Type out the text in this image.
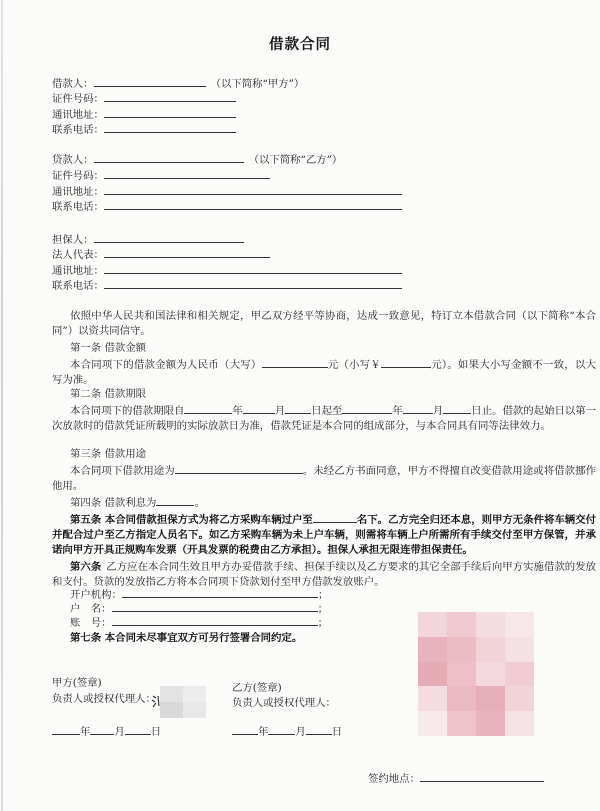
借款合同
借款人：	（以下简称“甲方”）
证件号码：
通讯地址：
联系电话：
贷款人：	（以下简称“乙方”）
证件号码：
通讯地址：
联系电话：
担保人：
法人代表：
通讯地址：
联系电话：
依照中华人民共和国法律和相关规定，甲乙双方经平等协商，达成一致意见，特订立本借款合同（以下简称“本合同”）以资共同信守。
第一条 借款金额
本合同项下的借款金额为人民币（大写）	元（小写￥	元）。如果大小写金额不一致，以大写为准。
第二条 借款期限
本合同项下的借款期限自	年	月	日起至	年	月	日止。借款的起始日以第一次放款时的借款凭证所载明的实际放款日为准，借款凭证是本合同的组成部分，与本合同具有同等法律效力。
第三条 借款用途
本合同项下借款用途为	。未经乙方书面同意，甲方不得擅自改变借款用途或将借款挪作他用。
第四条 借款利息为	。
第五条 本合同借款担保方式为将乙方采购车辆过户至	名下。乙方完全归还本息，则甲方无条件将车辆交付并配合过户至乙方指定人员名下。如乙方采购车辆为未上户车辆，则需将车辆上户所需所有手续交付至甲方保管，并承诺向甲方开具正规购车发票（开具发票的税费由乙方承担）。担保人承担无限连带担保责任。
第六条 乙方应在本合同生效且甲方办妥借款手续、担保手续以及乙方要求的其它全部手续后向甲方实施借款的发放和支付。贷款的发放指乙方将本合同项下贷款划付至甲方借款发放账户。
开户机构：	；
户　名：	；
账　号：	；
第七条 本合同未尽事宜双方可另行签署合同约定。
甲方(签章)
负责人或授权代理人：
乙方(签章)
负责人或授权代理人：
年 月	日	年	月	日
签约地点：
